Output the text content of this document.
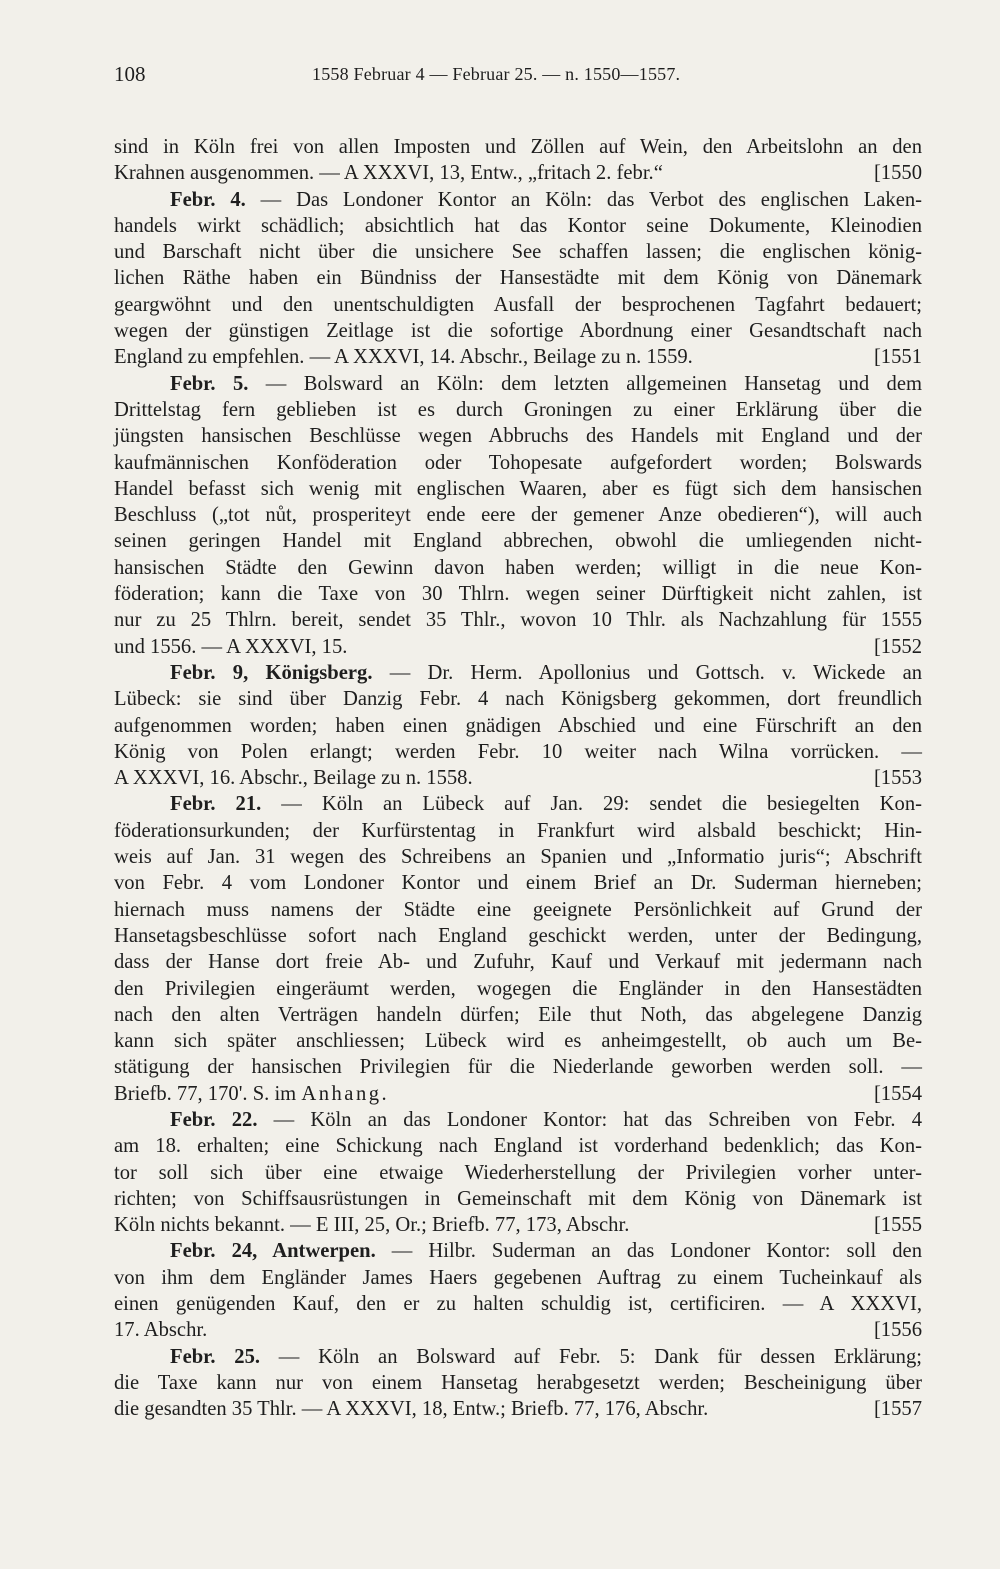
108	1558 Februar 4 — Februar 25. — n. 1550—1557.
sind in Köln frei von allen Imposten und Zöllen auf Wein, den Arbeitslohn an den
[1550
Krahnen ausgenommen. — A XXXVI, 13, Entw., „fritach 2. febr.“
Febr. 4. — Das Londoner Kontor an Köln: das Verbot des englischen Laken-
handels wirkt schädlich; absichtlich hat das Kontor seine Dokumente, Kleinodien
und Barschaft nicht über die unsichere See schaffen lassen; die englischen könig-
lichen Räthe haben ein Bündniss der Hansestädte mit dem König von Dänemark
geargwöhnt und den unentschuldigten Ausfall der besprochenen Tagfahrt bedauert;
wegen der günstigen Zeitlage ist die sofortige Abordnung einer Gesandtschaft nach
[1551
England zu empfehlen. — A XXXVI, 14. Abschr., Beilage zu n. 1559.
Febr. 5. — Bolsward an Köln: dem letzten allgemeinen Hansetag und dem
Drittelstag fern geblieben ist es durch Groningen zu einer Erklärung über die
jüngsten hansischen Beschlüsse wegen Abbruchs des Handels mit England und der
kaufmännischen Konföderation oder Tohopesate aufgefordert worden; Bolswards
Handel befasst sich wenig mit englischen Waaren, aber es fügt sich dem hansischen
Beschluss („tot nůt, prosperiteyt ende eere der gemener Anze obedieren“), will auch
seinen geringen Handel mit England abbrechen, obwohl die umliegenden nicht-
hansischen Städte den Gewinn davon haben werden; willigt in die neue Kon-
föderation; kann die Taxe von 30 Thlrn. wegen seiner Dürftigkeit nicht zahlen, ist
nur zu 25 Thlrn. bereit, sendet 35 Thlr., wovon 10 Thlr. als Nachzahlung für 1555
[1552
und 1556. — A XXXVI, 15.
Febr. 9, Königsberg. — Dr. Herm. Apollonius und Gottsch. v. Wickede an
Lübeck: sie sind über Danzig Febr. 4 nach Königsberg gekommen, dort freundlich
aufgenommen worden; haben einen gnädigen Abschied und eine Fürschrift an den
König von Polen erlangt; werden Febr. 10 weiter nach Wilna vorrücken. —
[1553
A XXXVI, 16. Abschr., Beilage zu n. 1558.
Febr. 21. — Köln an Lübeck auf Jan. 29: sendet die besiegelten Kon-
föderationsurkunden; der Kurfürstentag in Frankfurt wird alsbald beschickt; Hin-
weis auf Jan. 31 wegen des Schreibens an Spanien und „Informatio juris“; Abschrift
von Febr. 4 vom Londoner Kontor und einem Brief an Dr. Suderman hierneben;
hiernach muss namens der Städte eine geeignete Persönlichkeit auf Grund der
Hansetagsbeschlüsse sofort nach England geschickt werden, unter der Bedingung,
dass der Hanse dort freie Ab- und Zufuhr, Kauf und Verkauf mit jedermann nach
den Privilegien eingeräumt werden, wogegen die Engländer in den Hansestädten
nach den alten Verträgen handeln dürfen; Eile thut Noth, das abgelegene Danzig
kann sich später anschliessen; Lübeck wird es anheimgestellt, ob auch um Be-
stätigung der hansischen Privilegien für die Niederlande geworben werden soll. —
[1554
Briefb. 77, 170'. S. im Anhang.
Febr. 22. — Köln an das Londoner Kontor: hat das Schreiben von Febr. 4
am 18. erhalten; eine Schickung nach England ist vorderhand bedenklich; das Kon-
tor soll sich über eine etwaige Wiederherstellung der Privilegien vorher unter-
richten; von Schiffsausrüstungen in Gemeinschaft mit dem König von Dänemark ist
[1555
Köln nichts bekannt. — E III, 25, Or.; Briefb. 77, 173, Abschr.
Febr. 24, Antwerpen. — Hilbr. Suderman an das Londoner Kontor: soll den
von ihm dem Engländer James Haers gegebenen Auftrag zu einem Tucheinkauf als
einen genügenden Kauf, den er zu halten schuldig ist, certificiren. — A XXXVI,
[1556
17. Abschr.
Febr. 25. — Köln an Bolsward auf Febr. 5: Dank für dessen Erklärung;
die Taxe kann nur von einem Hansetag herabgesetzt werden; Bescheinigung über
[1557
die gesandten 35 Thlr. — A XXXVI, 18, Entw.; Briefb. 77, 176, Abschr.
